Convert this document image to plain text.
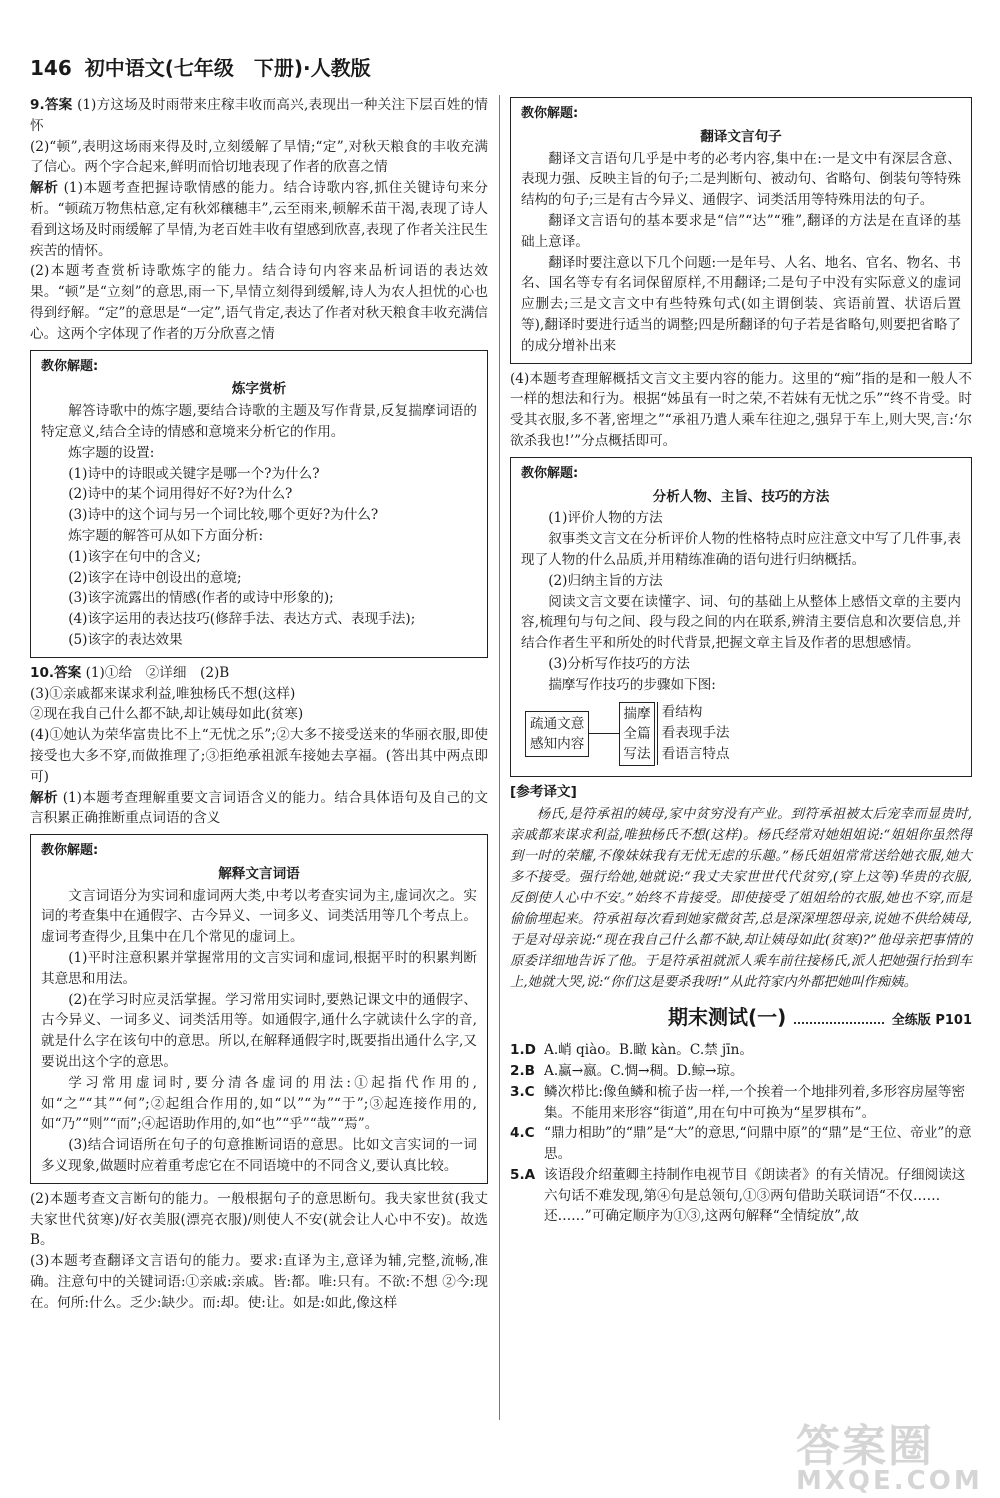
146 初中语文(七年级　下册)·人教版

9.答案 (1)方这场及时雨带来庄稼丰收而高兴,表现出一种关注下层百姓的情怀

(2)“顿”,表明这场雨来得及时,立刻缓解了旱情;“定”,对秋天粮食的丰收充满了信心。两个字合起来,鲜明而恰切地表现了作者的欣喜之情

解析 (1)本题考查把握诗歌情感的能力。结合诗歌内容,抓住关键诗句来分析。“顿疏万物焦枯意,定有秋郊穰穗丰”,云至雨来,顿解禾苗干渴,表现了诗人看到这场及时雨缓解了旱情,为老百姓丰收有望感到欣喜,表现了作者关注民生疾苦的情怀。

(2)本题考查赏析诗歌炼字的能力。结合诗句内容来品析词语的表达效果。“顿”是“立刻”的意思,雨一下,旱情立刻得到缓解,诗人为农人担忧的心也得到纾解。“定”的意思是“一定”,语气肯定,表达了作者对秋天粮食丰收充满信心。这两个字体现了作者的万分欣喜之情

教你解题:
炼字赏析

解答诗歌中的炼字题,要结合诗歌的主题及写作背景,反复揣摩词语的特定意义,结合全诗的情感和意境来分析它的作用。

炼字题的设置:

(1)诗中的诗眼或关键字是哪一个?为什么?

(2)诗中的某个词用得好不好?为什么?

(3)诗中的这个词与另一个词比较,哪个更好?为什么?

炼字题的解答可从如下方面分析:

(1)该字在句中的含义;

(2)该字在诗中创设出的意境;

(3)该字流露出的情感(作者的或诗中形象的);

(4)该字运用的表达技巧(修辞手法、表达方式、表现手法);

(5)该字的表达效果

10.答案 (1)①给　②详细　(2)B

(3)①亲戚都来谋求利益,唯独杨氏不想(这样)

②现在我自己什么都不缺,却让姨母如此(贫寒)

(4)①她认为荣华富贵比不上“无忧之乐”;②大多不接受送来的华丽衣服,即使接受也大多不穿,而做推理了;③拒绝承祖派车接她去享福。(答出其中两点即可)

解析 (1)本题考查理解重要文言词语含义的能力。结合具体语句及自己的文言积累正确推断重点词语的含义

教你解题:
解释文言词语

文言词语分为实词和虚词两大类,中考以考查实词为主,虚词次之。实词的考查集中在通假字、古今异义、一词多义、词类活用等几个考点上。虚词考查得少,且集中在几个常见的虚词上。

(1)平时注意积累并掌握常用的文言实词和虚词,根据平时的积累判断其意思和用法。

(2)在学习时应灵活掌握。学习常用实词时,要熟记课文中的通假字、古今异义、一词多义、词类活用等。如通假字,通什么字就读什么字的音,就是什么字在该句中的意思。所以,在解释通假字时,既要指出通什么字,又要说出这个字的意思。

学习常用虚词时,要分清各虚词的用法:①起指代作用的,如“之”“其”“何”;②起组合作用的,如“以”“为”“于”;③起连接作用的,如“乃”“则”“而”;④起语助作用的,如“也”“乎”“哉”“焉”。

(3)结合词语所在句子的句意推断词语的意思。比如文言实词的一词多义现象,做题时应着重考虑它在不同语境中的不同含义,要认真比较。

(2)本题考查文言断句的能力。一般根据句子的意思断句。我夫家世贫(我丈夫家世代贫寒)/好衣美服(漂亮衣服)/则使人不安(就会让人心中不安)。故选B。

(3)本题考查翻译文言语句的能力。要求:直译为主,意译为辅,完整,流畅,准确。注意句中的关键词语:①亲戚:亲戚。皆:都。唯:只有。不欲:不想 ②今:现在。何所:什么。乏少:缺少。而:却。使:让。如是:如此,像这样

教你解题:
翻译文言句子

翻译文言语句几乎是中考的必考内容,集中在:一是文中有深层含意、表现力强、反映主旨的句子;二是判断句、被动句、省略句、倒装句等特殊结构的句子;三是有古今异义、通假字、词类活用等特殊用法的句子。

翻译文言语句的基本要求是“信”“达”“雅”,翻译的方法是在直译的基础上意译。

翻译时要注意以下几个问题:一是年号、人名、地名、官名、物名、书名、国名等专有名词保留原样,不用翻译;二是句子中没有实际意义的虚词应删去;三是文言文中有些特殊句式(如主谓倒装、宾语前置、状语后置等),翻译时要进行适当的调整;四是所翻译的句子若是省略句,则要把省略了的成分增补出来

(4)本题考查理解概括文言文主要内容的能力。这里的“痴”指的是和一般人不一样的想法和行为。根据“姊虽有一时之荣,不若妹有无忧之乐”“终不肯受。时受其衣服,多不著,密埋之”“承祖乃遣人乘车往迎之,强舁于车上,则大哭,言:‘尔欲杀我也!’”分点概括即可。

教你解题:
分析人物、主旨、技巧的方法

(1)评价人物的方法

叙事类文言文在分析评价人物的性格特点时应注意文中写了几件事,表现了人物的什么品质,并用精练准确的语句进行归纳概括。

(2)归纳主旨的方法

阅读文言文要在读懂字、词、句的基础上从整体上感悟文章的主要内容,梳理句与句之间、段与段之间的内在联系,辨清主要信息和次要信息,并结合作者生平和所处的时代背景,把握文章主旨及作者的思想感情。

(3)分析写作技巧的方法

揣摩写作技巧的步骤如下图:

疏通文意
感知内容
揣摩
全篇
写法
看结构
看表现手法
看语言特点
[参考译文]

杨氏,是符承祖的姨母,家中贫穷没有产业。到符承祖被太后宠幸而显贵时,亲戚都来谋求利益,唯独杨氏不想(这样)。杨氏经常对她姐姐说:“姐姐你虽然得到一时的荣耀,不像妹妹我有无忧无虑的乐趣。”杨氏姐姐常常送给她衣服,她大多不接受。强行给她,她就说:“我丈夫家世世代代贫穷,(穿上这等)华贵的衣服,反倒使人心中不安。”始终不肯接受。即使接受了姐姐给的衣服,她也不穿,而是偷偷埋起来。符承祖每次看到她家微贫苦,总是深深埋怨母亲,说她不供给姨母,于是对母亲说:“现在我自己什么都不缺,却让姨母如此(贫寒)?”他母亲把事情的原委详细地告诉了他。于是符承祖就派人乘车前往接杨氏,派人把她强行抬到车上,她就大哭,说:“你们这是要杀我呀!”从此符家内外都把她叫作痴姨。

期末测试(一)	全练版 P101
1.D A.峭 qiào。B.瞰 kàn。C.禁 jīn。
2.B A.赢→嬴。C.惆→稠。D.鲸→琼。
3.C 鳞次栉比:像鱼鳞和梳子齿一样,一个挨着一个地排列着,多形容房屋等密集。不能用来形容“街道”,用在句中可换为“星罗棋布”。
4.C “鼎力相助”的“鼎”是“大”的意思,“问鼎中原”的“鼎”是“王位、帝业”的意思。
5.A 该语段介绍董卿主持制作电视节目《朗读者》的有关情况。仔细阅读这六句话不难发现,第④句是总领句,①③两句借助关联词语“不仅……还……”可确定顺序为①③,这两句解释“全情绽放”,故
答案圈
MXQE.COM
